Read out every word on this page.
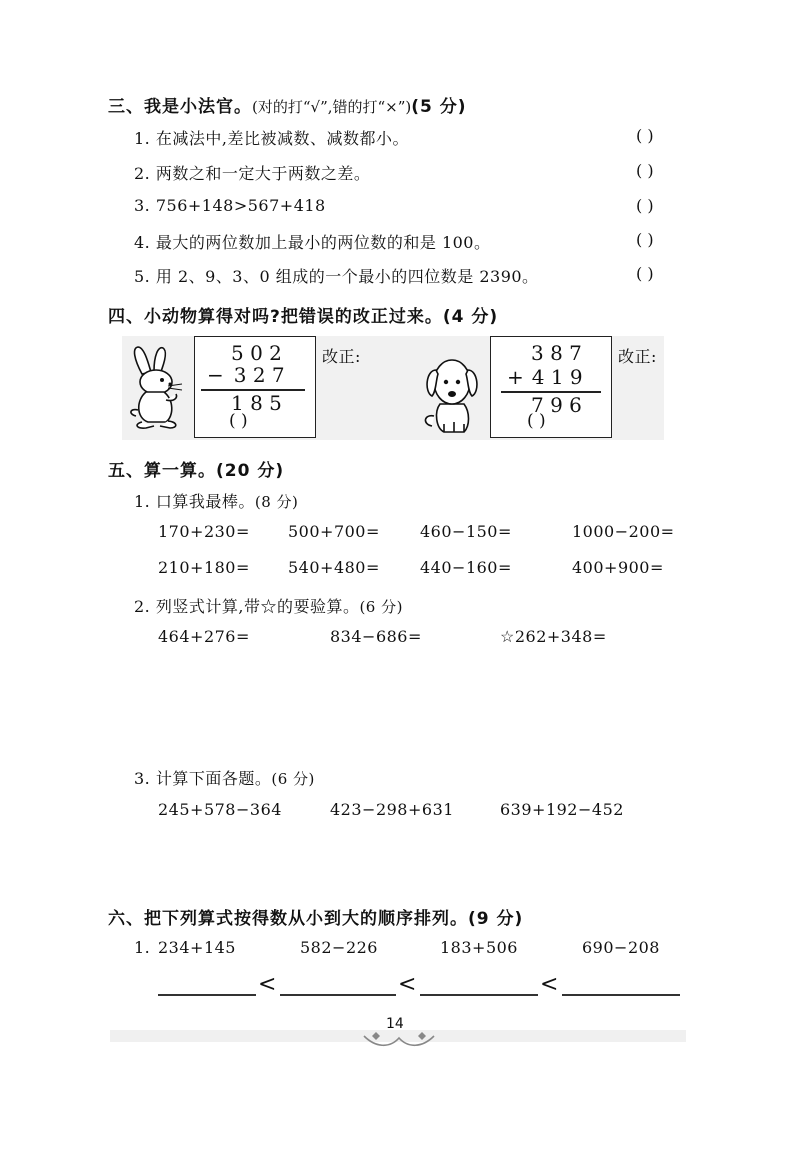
三、我是小法官。(对的打“√”,错的打“×”)(5 分)
1. 在减法中,差比被减数、减数都小。	( )
2. 两数之和一定大于两数之差。	( )
3. 756+148>567+418	( )
4. 最大的两位数加上最小的两位数的和是 100。	( )
5. 用 2、9、3、0 组成的一个最小的四位数是 2390。	( )
四、小动物算得对吗?把错误的改正过来。(4 分)
5 0 2
− 3 2 7
1 8 5
( )
改正:	3 8 7
+ 4 1 9
7 9 6
( )
改正:
五、算一算。(20 分)
1. 口算我最棒。(8 分)
170+230= 500+700=	460−150=	1000−200=
210+180= 540+480=	440−160=	400+900=
2. 列竖式计算,带☆的要验算。(6 分)
464+276=	834−686=	☆262+348=
3. 计算下面各题。(6 分)
245+578−364	423−298+631	639+192−452
六、把下列算式按得数从小到大的顺序排列。(9 分)
1. 234+145	582−226	183+506	690−208
<	<	<
14
